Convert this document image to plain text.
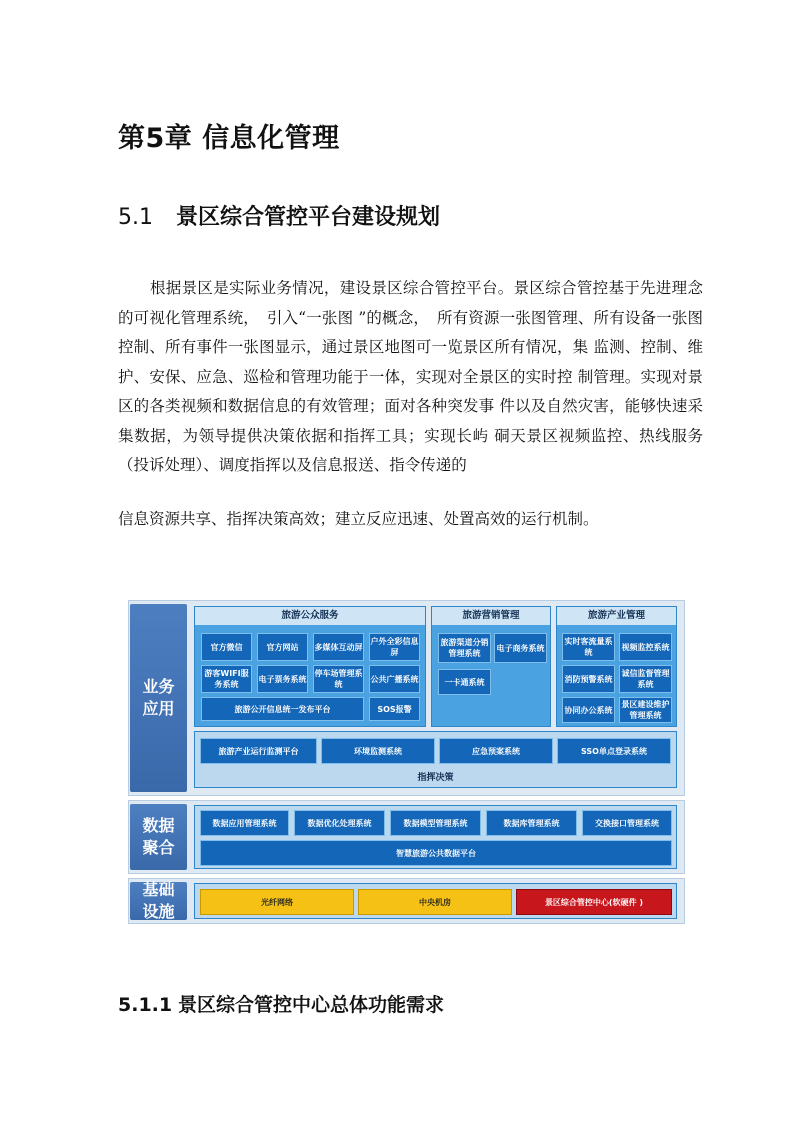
第5章 信息化管理
5.1 景区综合管控平台建设规划
根据景区是实际业务情况，建设景区综合管控平台。景区综合管控基于先进理念的可视化管理系统，　引入“一张图 ”的概念，　所有资源一张图管理、所有设备一张图控制、所有事件一张图显示，通过景区地图可一览景区所有情况，集 监测、控制、维护、安保、应急、巡检和管理功能于一体，实现对全景区的实时控 制管理。实现对景区的各类视频和数据信息的有效管理；面对各种突发事 件以及自然灾害，能够快速采集数据，为领导提供决策依据和指挥工具；实现长屿 硐天景区视频监控、热线服务（投诉处理）、调度指挥以及信息报送、指令传递的
信息资源共享、指挥决策高效；建立反应迅速、处置高效的运行机制。
业务
应用
旅游公众服务
官方微信	官方网站	多媒体互动屏
户外全彩信息屏
游客WIFI服务系统
电子票务系统
停车场管理系统
公共广播系统
旅游公开信息统一发布平台	SOS报警
旅游营销管理
旅游渠道分销管理系统
电子商务系统
一卡通系统
旅游产业管理
实时客流量系统
视频监控系统
消防预警系统
诚信监督管理系统
协同办公系统
景区建设维护管理系统
旅游产业运行监测平台	环境监测系统	应急预案系统	SSO单点登录系统
指挥决策
数据
聚合
数据应用管理系统	数据优化处理系统	数据模型管理系统	数据库管理系统	交换接口管理系统
智慧旅游公共数据平台
基础
设施	光纤网络	中央机房	景区综合管控中心(软硬件 )
5.1.1 景区综合管控中心总体功能需求
